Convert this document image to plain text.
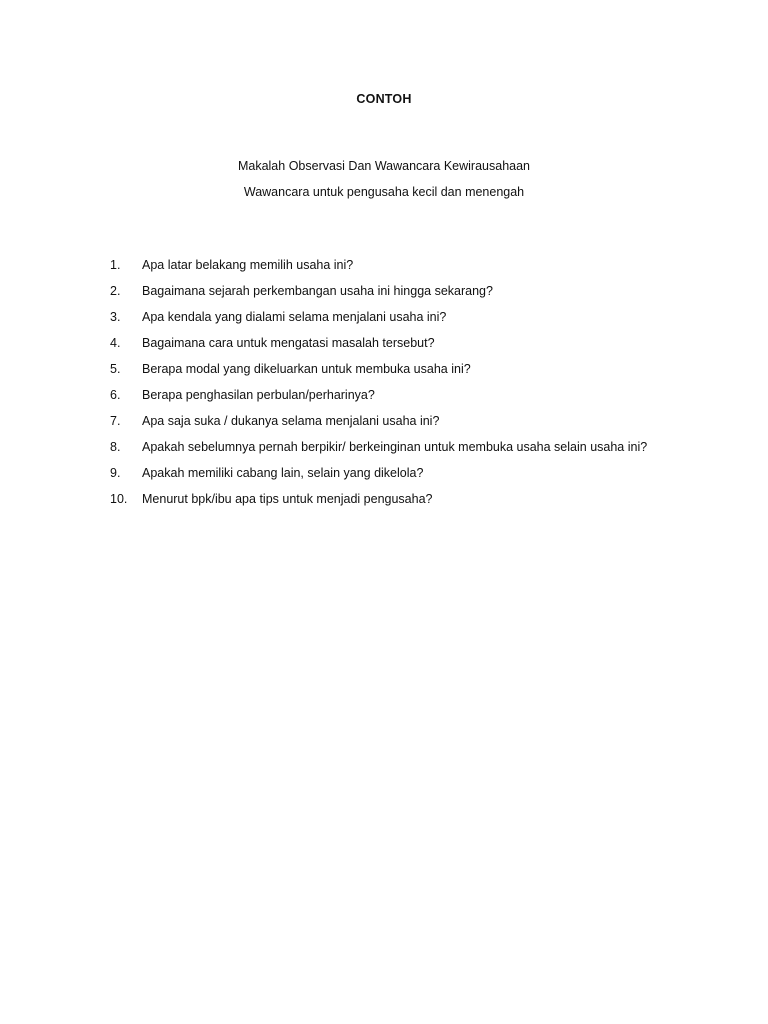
CONTOH
Makalah Observasi Dan Wawancara Kewirausahaan
Wawancara untuk pengusaha kecil dan menengah
1.	Apa latar belakang memilih usaha ini?
2.	Bagaimana sejarah perkembangan usaha ini hingga sekarang?
3.	Apa kendala yang dialami selama menjalani usaha ini?
4.	Bagaimana cara untuk mengatasi masalah tersebut?
5.	Berapa modal yang dikeluarkan untuk membuka usaha ini?
6.	Berapa penghasilan perbulan/perharinya?
7.	Apa saja suka / dukanya selama menjalani usaha ini?
8.	Apakah sebelumnya pernah berpikir/ berkeinginan untuk membuka usaha selain usaha ini?
9.	Apakah memiliki cabang lain, selain yang dikelola?
10.	Menurut bpk/ibu apa tips untuk menjadi pengusaha?
